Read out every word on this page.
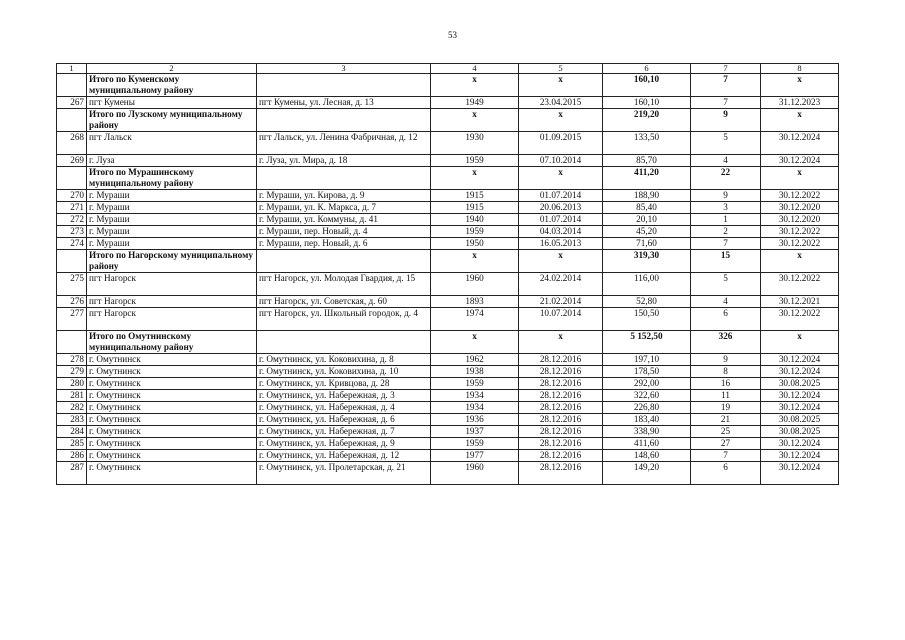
53
1	2	3	4	5	6	7	8
	Итого по Куменскому муниципальному району		х	х	160,10	7	х
267	пгт Кумены	пгт Кумены, ул. Лесная, д. 13	1949	23.04.2015	160,10	7	31.12.2023
	Итого по Лузскому муниципальному району		х	х	219,20	9	х
268	пгт Лальск	пгт Лальск, ул. Ленина Фабричная, д. 12	1930	01.09.2015	133,50	5	30.12.2024
269	г. Луза	г. Луза, ул. Мира, д. 18	1959	07.10.2014	85,70	4	30.12.2024
	Итого по Мурашинскому муниципальному району		х	х	411,20	22	х
270	г. Мураши	г. Мураши, ул. Кирова, д. 9	1915	01.07.2014	188,90	9	30.12.2022
271	г. Мураши	г. Мураши, ул. К. Маркса, д. 7	1915	20.06.2013	85,40	3	30.12.2020
272	г. Мураши	г. Мураши, ул. Коммуны, д. 41	1940	01.07.2014	20,10	1	30.12.2020
273	г. Мураши	г. Мураши, пер. Новый, д. 4	1959	04.03.2014	45,20	2	30.12.2022
274	г. Мураши	г. Мураши, пер. Новый, д. 6	1950	16.05.2013	71,60	7	30.12.2022
	Итого по Нагорскому муниципальному району		х	х	319,30	15	х
275	пгт Нагорск	пгт Нагорск, ул. Молодая Гвардия, д. 15	1960	24.02.2014	116,00	5	30.12.2022
276	пгт Нагорск	пгт Нагорск, ул. Советская, д. 60	1893	21.02.2014	52,80	4	30.12.2021
277	пгт Нагорск	пгт Нагорск, ул. Школьный городок, д. 4	1974	10.07.2014	150,50	6	30.12.2022
	Итого по Омутнинскому муниципальному району		х	х	5 152,50	326	х
278	г. Омутнинск	г. Омутнинск, ул. Коковихина, д. 8	1962	28.12.2016	197,10	9	30.12.2024
279	г. Омутнинск	г. Омутнинск, ул. Коковихина, д. 10	1938	28.12.2016	178,50	8	30.12.2024
280	г. Омутнинск	г. Омутнинск, ул. Кривцова, д. 28	1959	28.12.2016	292,00	16	30.08.2025
281	г. Омутнинск	г. Омутнинск, ул. Набережная, д. 3	1934	28.12.2016	322,60	11	30.12.2024
282	г. Омутнинск	г. Омутнинск, ул. Набережная, д. 4	1934	28.12.2016	226,80	19	30.12.2024
283	г. Омутнинск	г. Омутнинск, ул. Набережная, д. 6	1936	28.12.2016	183,40	21	30.08.2025
284	г. Омутнинск	г. Омутнинск, ул. Набережная, д. 7	1937	28.12.2016	338,90	25	30.08.2025
285	г. Омутнинск	г. Омутнинск, ул. Набережная, д. 9	1959	28.12.2016	411,60	27	30.12.2024
286	г. Омутнинск	г. Омутнинск, ул. Набережная, д. 12	1977	28.12.2016	148,60	7	30.12.2024
287	г. Омутнинск	г. Омутнинск, ул. Пролетарская, д. 21	1960	28.12.2016	149,20	6	30.12.2024
